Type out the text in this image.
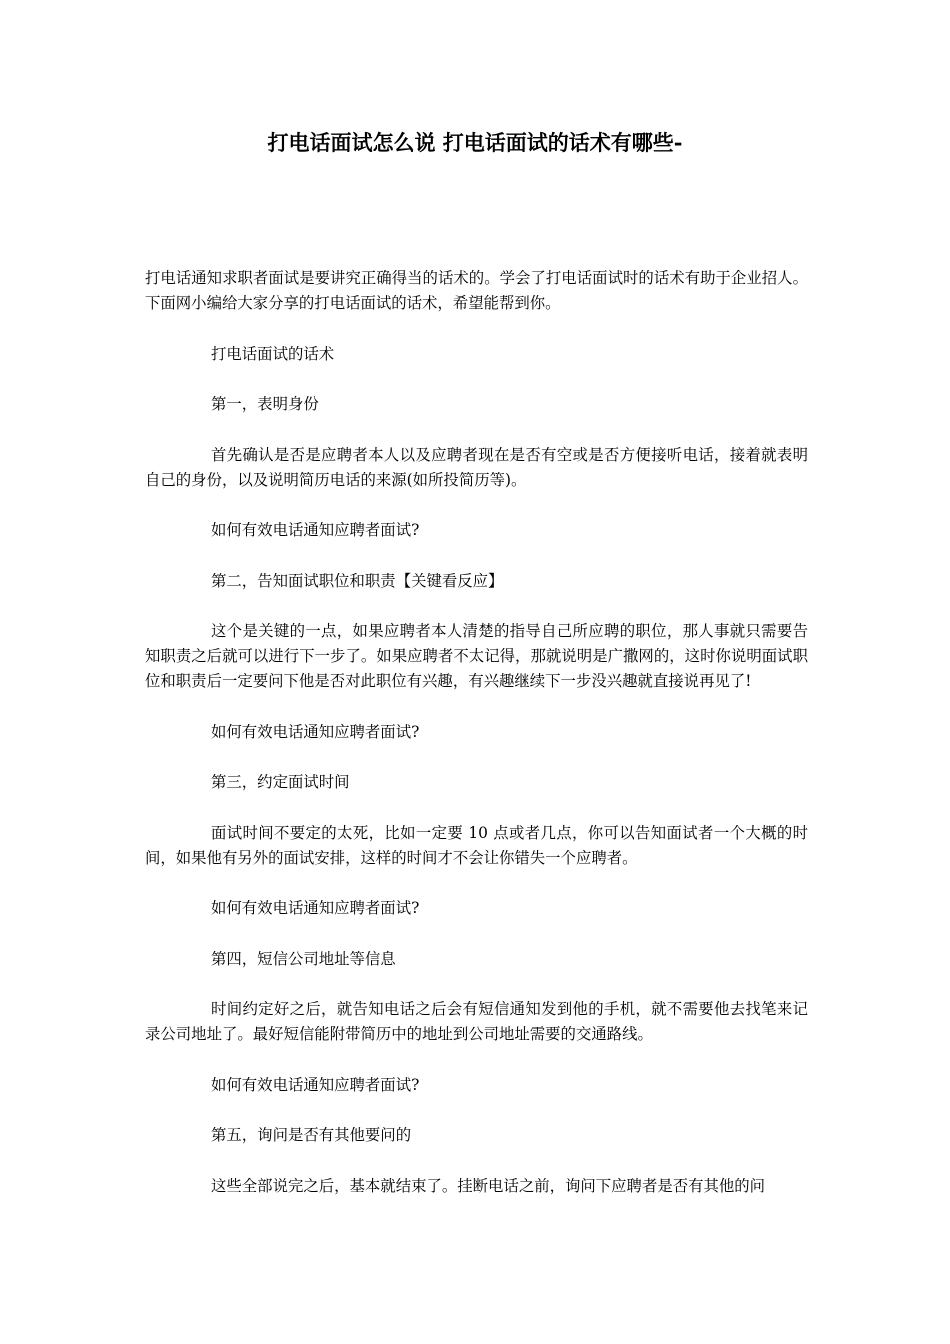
打电话面试怎么说 打电话面试的话术有哪些-

打电话通知求职者面试是要讲究正确得当的话术的。学会了打电话面试时的话术有助于企业招人。下面网小编给大家分享的打电话面试的话术，希望能帮到你。

打电话面试的话术

第一，表明身份

首先确认是否是应聘者本人以及应聘者现在是否有空或是否方便接听电话，接着就表明自己的身份，以及说明简历电话的来源(如所投简历等)。

如何有效电话通知应聘者面试?

第二，告知面试职位和职责【关键看反应】

这个是关键的一点，如果应聘者本人清楚的指导自己所应聘的职位，那人事就只需要告知职责之后就可以进行下一步了。如果应聘者不太记得，那就说明是广撒网的，这时你说明面试职位和职责后一定要问下他是否对此职位有兴趣，有兴趣继续下一步没兴趣就直接说再见了!

如何有效电话通知应聘者面试?

第三，约定面试时间

面试时间不要定的太死，比如一定要 10 点或者几点，你可以告知面试者一个大概的时间，如果他有另外的面试安排，这样的时间才不会让你错失一个应聘者。

如何有效电话通知应聘者面试?

第四，短信公司地址等信息

时间约定好之后，就告知电话之后会有短信通知发到他的手机，就不需要他去找笔来记录公司地址了。最好短信能附带简历中的地址到公司地址需要的交通路线。

如何有效电话通知应聘者面试?

第五，询问是否有其他要问的

这些全部说完之后，基本就结束了。挂断电话之前，询问下应聘者是否有其他的问
